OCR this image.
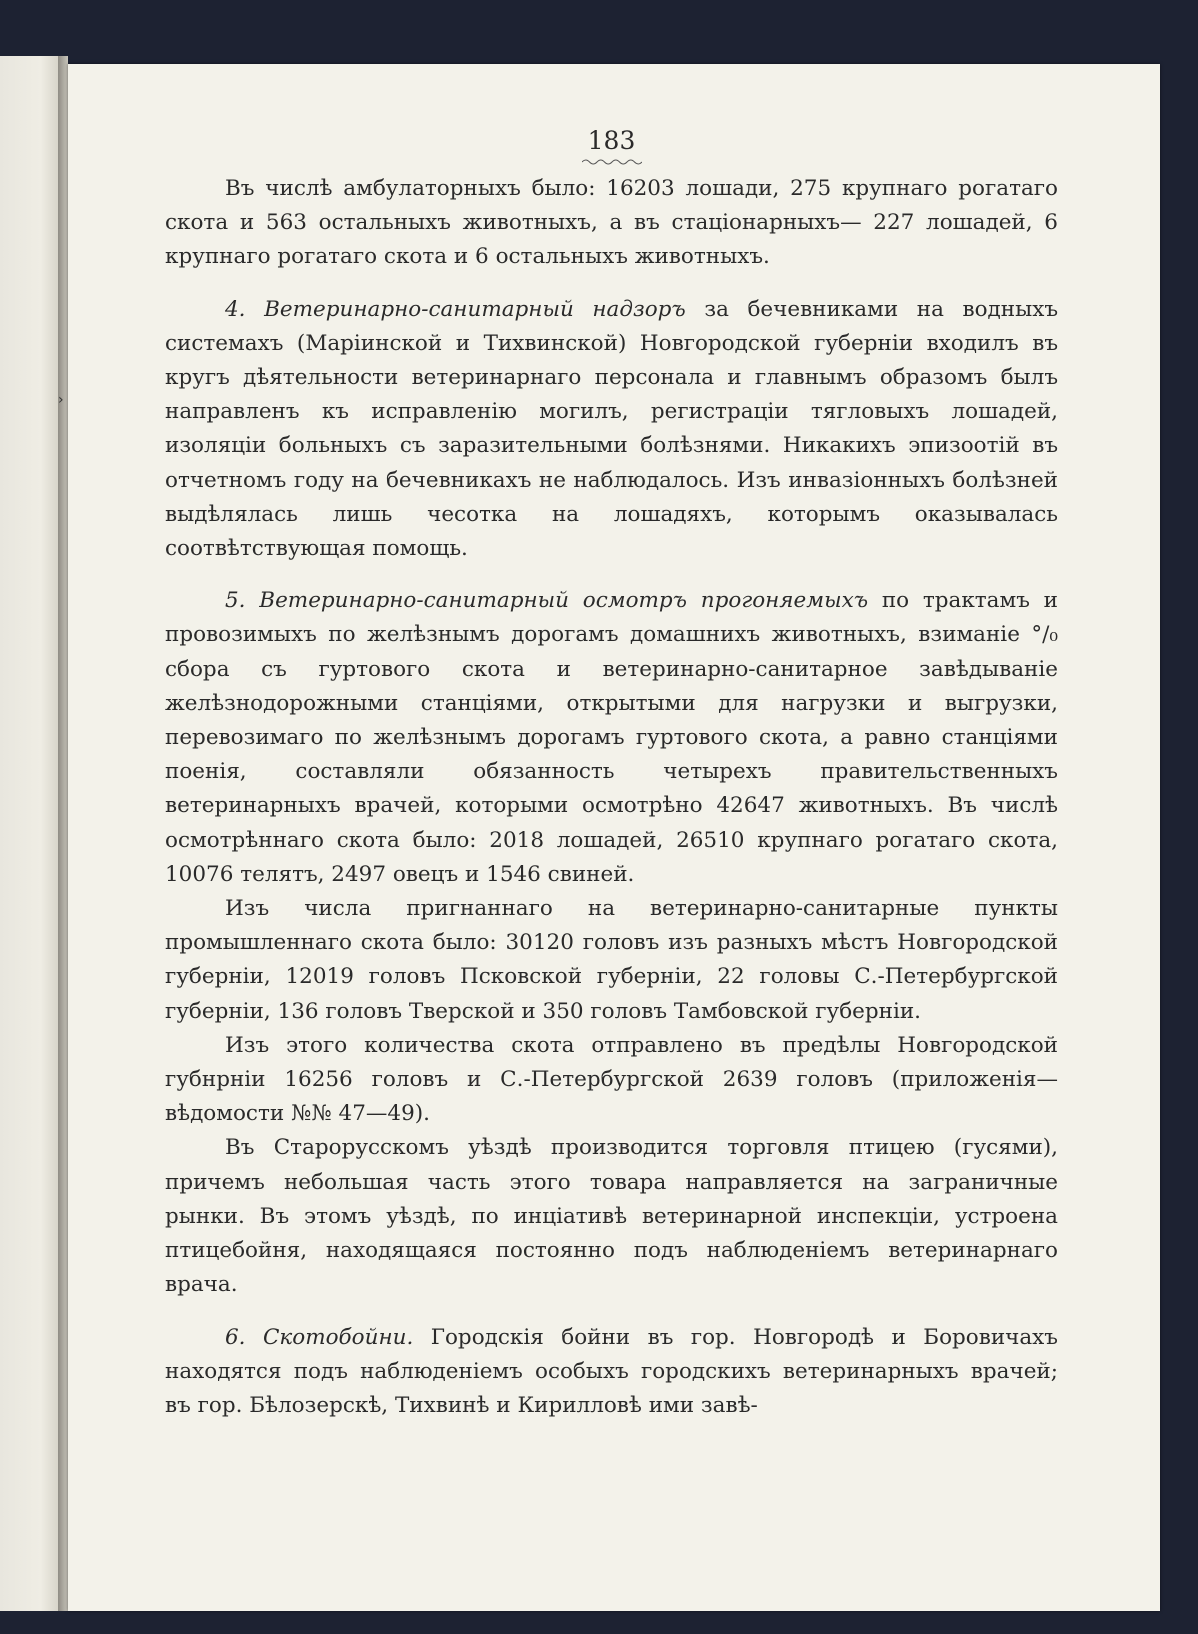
›
183

Въ числѣ амбулаторныхъ было: 16203 лошади, 275 крупнаго рогатаго скота и 563 остальныхъ животныхъ, а въ стаціонарныхъ— 227 лошадей, 6 крупнаго рогатаго скота и 6 остальныхъ животныхъ.

4. Ветеринарно-санитарный надзоръ за бечевниками на водныхъ системахъ (Маріинской и Тихвинской) Новгородской губерніи входилъ въ кругъ дѣятельности ветеринарнаго персонала и главнымъ образомъ былъ направленъ къ исправленію могилъ, регистраціи тягловыхъ лошадей, изоляціи больныхъ съ заразительными болѣзнями. Никакихъ эпизоотій въ отчетномъ году на бечевникахъ не наблюдалось. Изъ инвазіонныхъ болѣзней выдѣлялась лишь чесотка на лошадяхъ, которымъ оказывалась соотвѣтствующая помощь.

5. Ветеринарно-санитарный осмотръ прогоняемыхъ по трактамъ и провозимыхъ по желѣзнымъ дорогамъ домашнихъ животныхъ, взиманіе °/₀ сбора съ гуртового скота и ветеринарно-санитарное завѣдываніе желѣзнодорожными станціями, открытыми для нагрузки и выгрузки, перевозимаго по желѣзнымъ дорогамъ гуртового скота, а равно станціями поенія, составляли обязанность четырехъ правительственныхъ ветеринарныхъ врачей, которыми осмотрѣно 42647 животныхъ. Въ числѣ осмотрѣннаго скота было: 2018 лошадей, 26510 крупнаго рогатаго скота, 10076 телятъ, 2497 овецъ и 1546 свиней.

Изъ числа пригнаннаго на ветеринарно-санитарные пункты промышленнаго скота было: 30120 головъ изъ разныхъ мѣстъ Новгородской губерніи, 12019 головъ Псковской губерніи, 22 головы С.-Петербургской губерніи, 136 головъ Тверской и 350 головъ Тамбовской губерніи.

Изъ этого количества скота отправлено въ предѣлы Новгородской губнрніи 16256 головъ и С.-Петербургской 2639 головъ (приложенія— вѣдомости №№ 47—49).

Въ Старорусскомъ уѣздѣ производится торговля птицею (гусями), причемъ небольшая часть этого товара направляется на заграничные рынки. Въ этомъ уѣздѣ, по инціативѣ ветеринарной инспекціи, устроена птицебойня, находящаяся постоянно подъ наблюденіемъ ветеринарнаго врача.

6. Скотобойни. Городскія бойни въ гор. Новгородѣ и Боровичахъ находятся подъ наблюденіемъ особыхъ городскихъ ветеринарныхъ врачей; въ гор. Бѣлозерскѣ, Тихвинѣ и Кирилловѣ ими завѣ-
